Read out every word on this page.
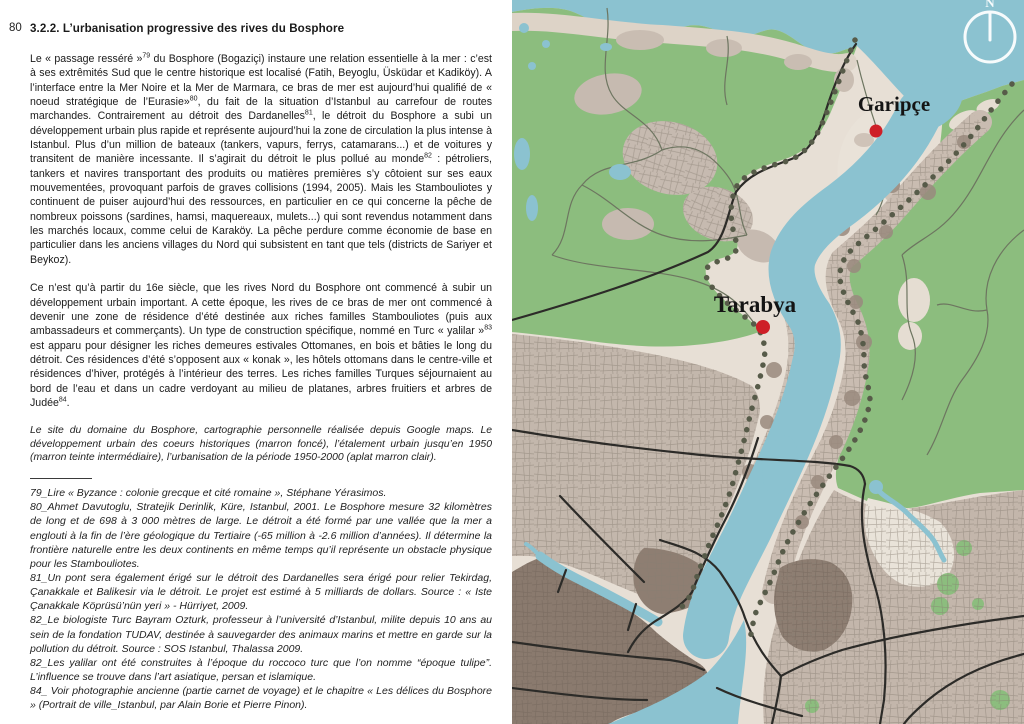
80 3.2.2. L’urbanisation progressive des rives du Bosphore
Le « passage resséré »$^{79}$ du Bosphore (Bogaziçi) instaure une relation essentielle à la mer : c’est à ses extrêmités Sud que le centre historique est localisé (Fatih, Beyoglu, Üsküdar et Kadiköy). A l’interface entre la Mer Noire et la Mer de Marmara, ce bras de mer est aujourd’hui qualifié de « noeud stratégique de l’Eurasie»$^{80}$, du fait de la situation d’Istanbul au carrefour de routes marchandes. Contrairement au détroit des Dardanelles$^{81}$, le détroit du Bosphore a subi un développement urbain plus rapide et représente aujourd’hui la zone de circulation la plus intense à Istanbul. Plus d’un million de bateaux (tankers, vapurs, ferrys, catamarans...) et de voitures y transitent de manière incessante. Il s’agirait du détroit le plus pollué au monde$^{82}$ : pétroliers, tankers et navires transportant des produits ou matières premières s’y côtoient sur ses eaux mouvementées, provoquant parfois de graves collisions (1994, 2005). Mais les Stambouliotes y continuent de puiser aujourd’hui des ressources, en particulier en ce qui concerne la pêche de nombreux poissons (sardines, hamsi, maquereaux, mulets...) qui sont revendus notamment dans les marchés locaux, comme celui de Karaköy. La pêche perdure comme économie de base en particulier dans les anciens villages du Nord qui subsistent en tant que tels (districts de Sariyer et Beykoz).
Ce n’est qu’à partir du 16e siècle, que les rives Nord du Bosphore ont commencé à subir un développement urbain important. A cette époque, les rives de ce bras de mer ont commencé à devenir une zone de résidence d’été destinée aux riches familles Stambouliotes (puis aux ambassadeurs et commerçants). Un type de construction spécifique, nommé en Turc « yalilar »$^{83}$ est apparu pour désigner les riches demeures estivales Ottomanes, en bois et bâties le long du détroit. Ces résidences d’été s’opposent aux « konak », les hôtels ottomans dans le centre-ville et résidences d’hiver, protégés à l’intérieur des terres. Les riches familles Turques séjournaient au bord de l’eau et dans un cadre verdoyant au milieu de platanes, arbres fruitiers et arbres de Judée$^{84}$.
Le site du domaine du Bosphore, cartographie personnelle réalisée depuis Google maps. Le développement urbain des coeurs historiques (marron foncé), l’étalement urbain jusqu’en 1950 (marron teinte intermédiaire), l’urbanisation de la période 1950-2000 (aplat marron clair).
79_Lire « Byzance : colonie grecque et cité romaine », Stéphane Yérasimos.
80_Ahmet Davutoglu, Stratejik Derinlik, Küre, Istanbul, 2001. Le Bosphore mesure 32 kilomètres de long et de 698 à 3 000 mètres de large. Le détroit a été formé par une vallée que la mer a englouti à la fin de l’ère géologique du Tertiaire (-65 million à -2.6 million d’années). Il détermine la frontière naturelle entre les deux continents en même temps qu’il représente un obstacle physique pour les Stambouliotes.
81_Un pont sera également érigé sur le détroit des Dardanelles sera érigé pour relier Tekirdag, Çanakkale et Balikesir via le détroit. Le projet est estimé à 5 milliards de dollars. Source : « Iste Çanakkale Köprüsü’nün yeri » - Hürriyet, 2009.
82_Le biologiste Turc Bayram Ozturk, professeur à l’université d’Istanbul, milite depuis 10 ans au sein de la fondation TUDAV, destinée à sauvegarder des animaux marins et mettre en garde sur la pollution du détroit. Source : SOS Istanbul, Thalassa 2009.
82_Les yalilar ont été construites à l’époque du roccoco turc que l’on nomme “époque tulipe”. L’influence se trouve dans l’art asiatique, persan et islamique.
84_ Voir photographie ancienne (partie carnet de voyage) et le chapitre « Les délices du Bosphore » (Portrait de ville_Istanbul, par Alain Borie et Pierre Pinon).
Garipçe
Tarabya
N
